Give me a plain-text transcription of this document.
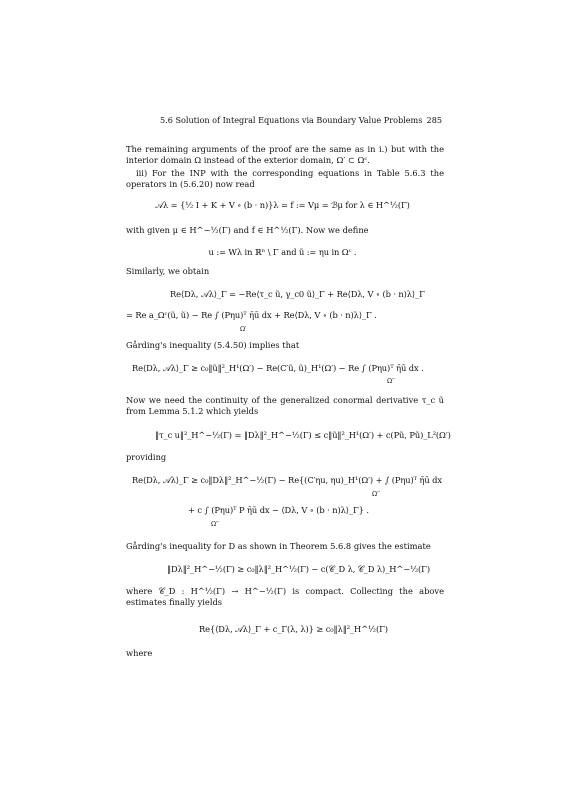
5.6 Solution of Integral Equations via Boundary Value Problems 285
The remaining arguments of the proof are the same as in i.) but with the interior domain Ω instead of the exterior domain, Ω′ ⊂ Ωᶜ.
iii) For the INP with the corresponding equations in Table 5.6.3 the operators in (5.6.20) now read
𝒜λ = {½ I + K + V ∘ (b · n)}λ = f := Vμ = ℬμ for λ ∈ H^½(Γ)
with given μ ∈ H^−½(Γ) and f ∈ H^½(Γ). Now we define
u := Wλ in ℝⁿ \ Γ and ũ := ηu in Ωᶜ .
Similarly, we obtain
Re⟨Dλ, 𝒜λ⟩_Γ = −Re⟨τ_c ũ, γ_c0 ũ⟩_Γ + Re⟨Dλ, V ∘ (b · n)λ⟩_Γ
= Re a_Ωᶜ(ũ, ũ) − Re ∫ (Pηu)ᵀ η̄ū dx + Re⟨Dλ, V ∘ (b · n)λ⟩_Γ .
Ω′
Gårding's inequality (5.4.50) implies that
Re⟨Dλ, 𝒜λ⟩_Γ ≥ c₀‖ũ‖²_H¹(Ω′) − Re(C′ũ, ũ)_H¹(Ω′) − Re ∫ (Pηu)ᵀ η̄ū dx .
Ω′′
Now we need the continuity of the generalized conormal derivative τ_c ũ from Lemma 5.1.2 which yields
‖τ_c u‖²_H^−½(Γ) = ‖Dλ‖²_H^−½(Γ) ≤ c‖ũ‖²_H¹(Ω′) + c(Pũ, Pũ)_L²(Ω′)
providing
Re⟨Dλ, 𝒜λ⟩_Γ ≥ c₀‖Dλ‖²_H^−½(Γ) − Re{(C′ηu, ηu)_H¹(Ω′) + ∫ (Pηu)ᵀ η̄ū dx
Ω′′
+ c ∫ (Pηu)ᵀ P η̄ū dx − ⟨Dλ, V ∘ (b · n)λ⟩_Γ} .
Ω′′
Gårding's inequality for D as shown in Theorem 5.6.8 gives the estimate
‖Dλ‖²_H^−½(Γ) ≥ c₀‖λ‖²_H^½(Γ) − c(𝒞_D λ, 𝒞_D λ)_H^−½(Γ)
where 𝒞_D : H^½(Γ) → H^−½(Γ) is compact. Collecting the above estimates finally yields
Re{⟨Dλ, 𝒜λ⟩_Γ + c_Γ(λ, λ)} ≥ c₀‖λ‖²_H^½(Γ)
where
